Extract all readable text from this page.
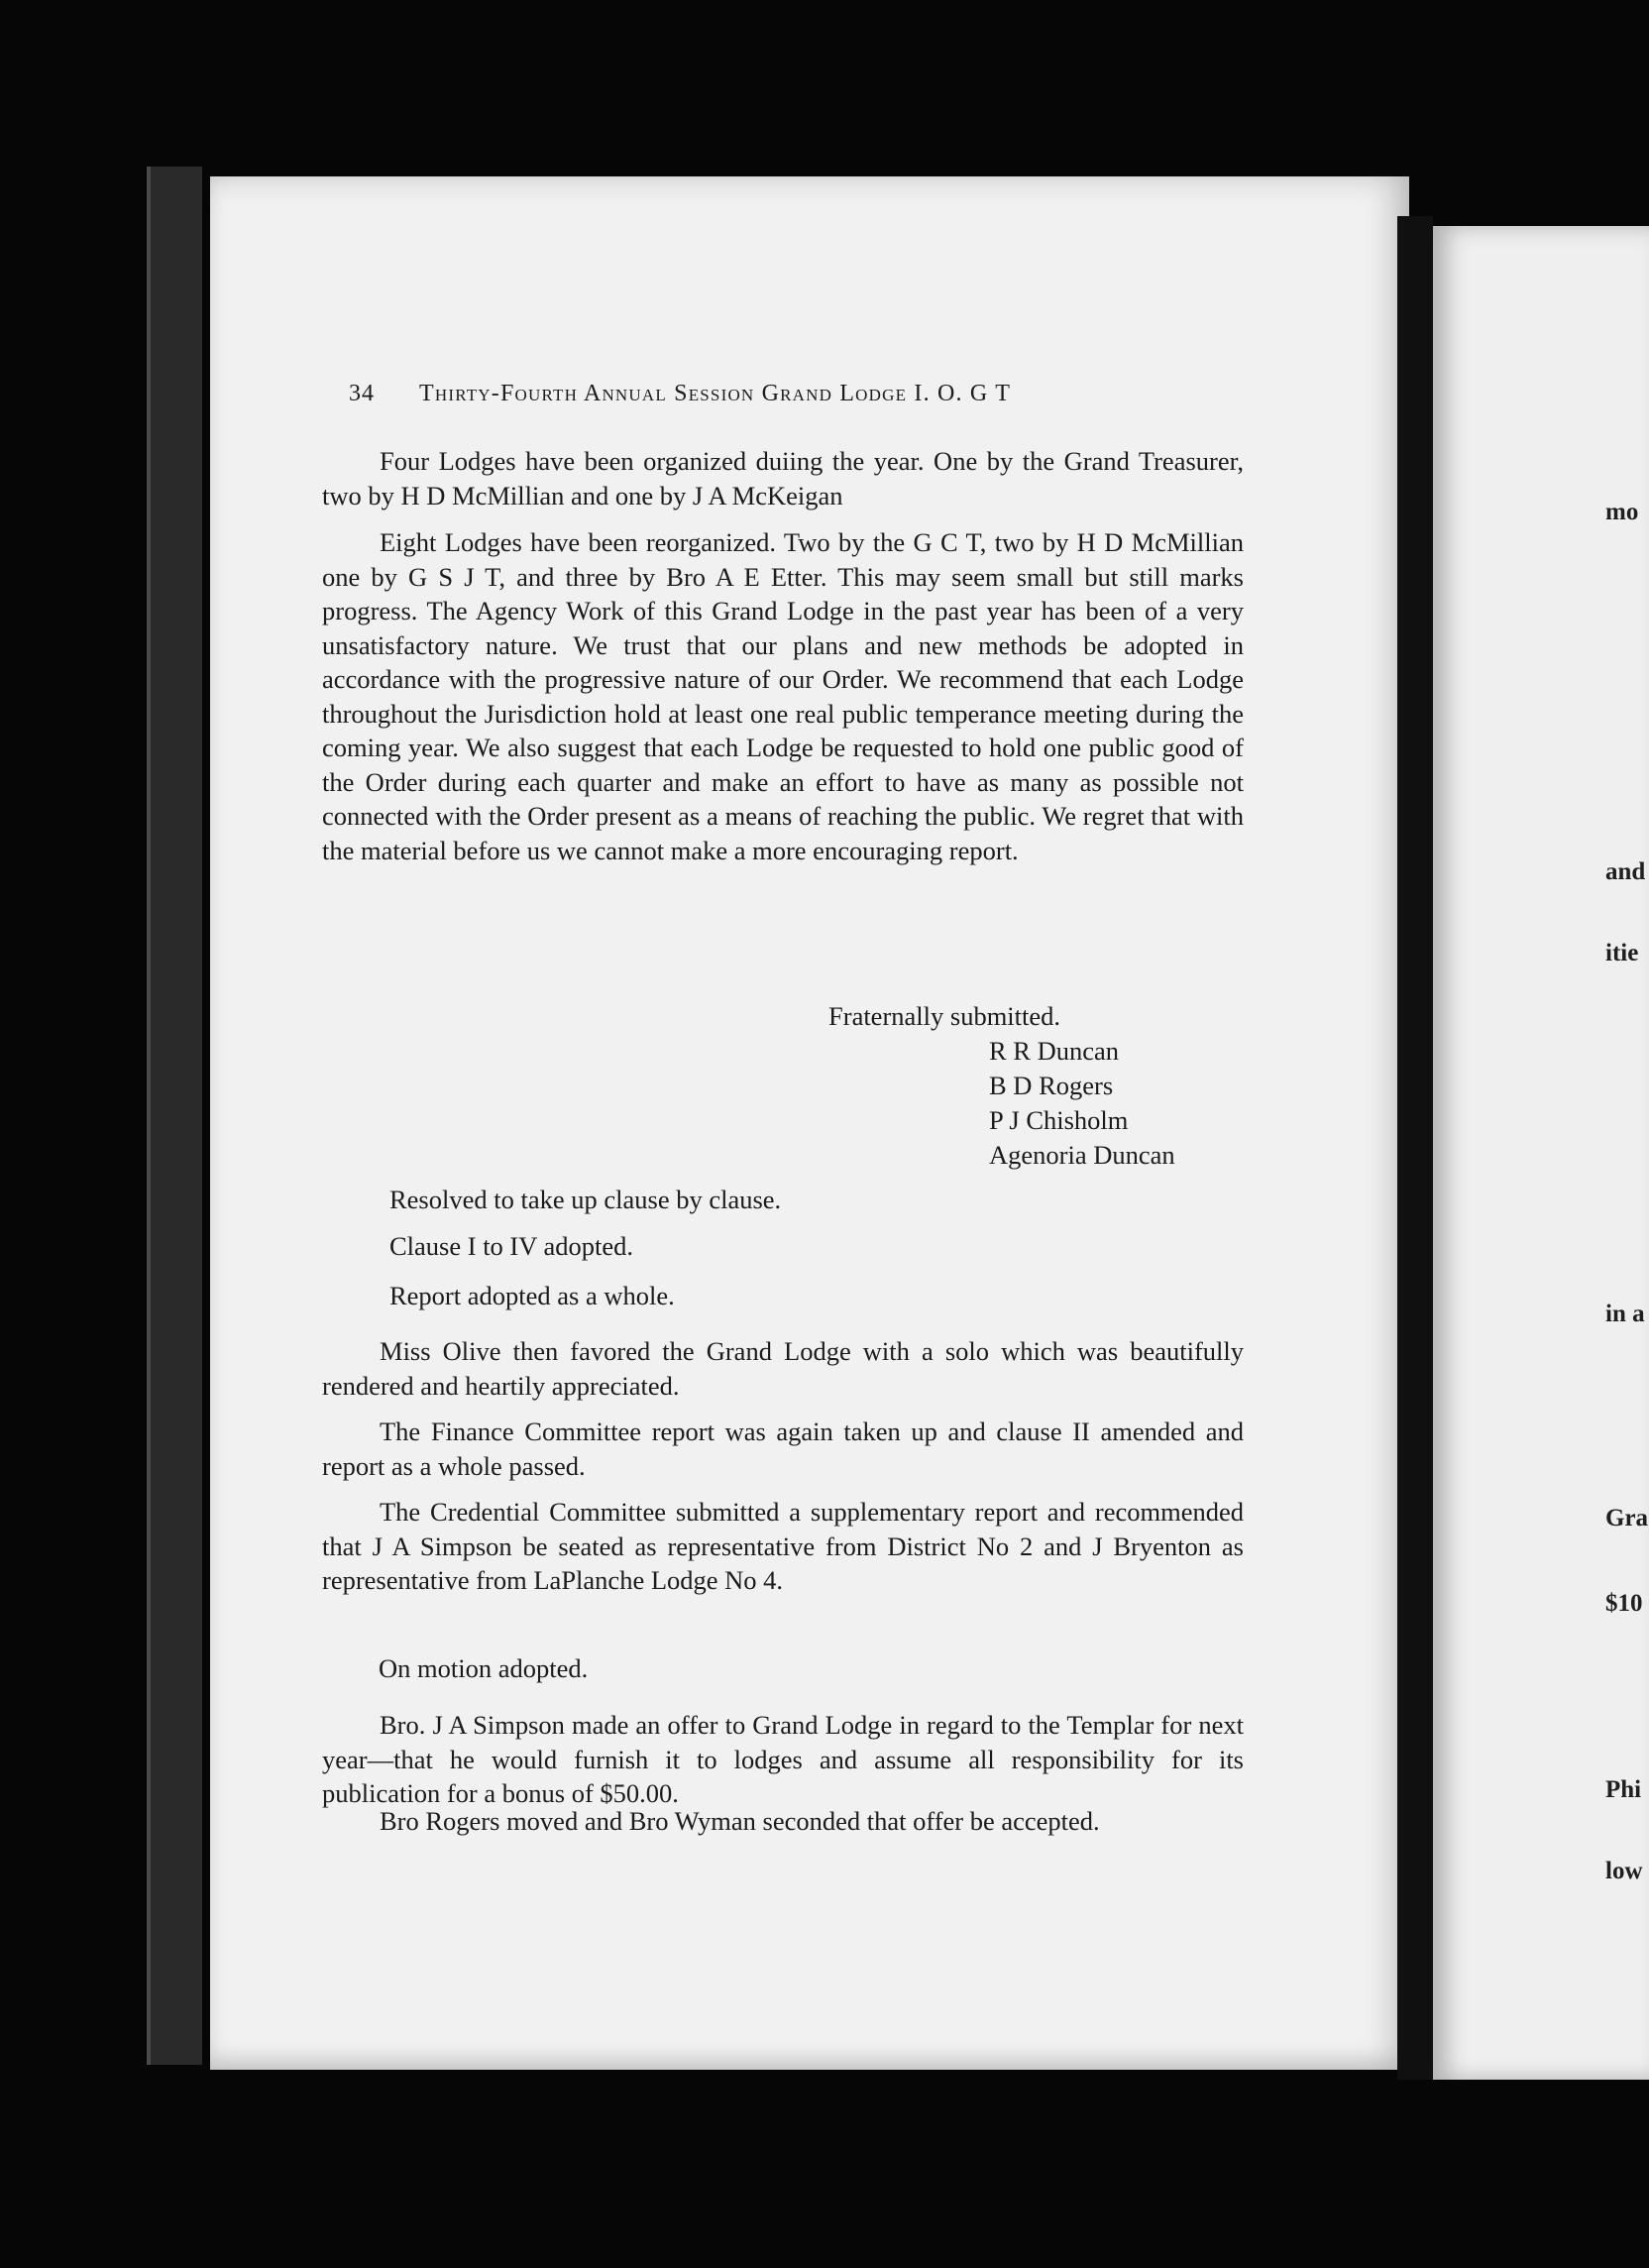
34 Thirty-Fourth Annual Session Grand Lodge I. O. G T

Four Lodges have been organized duiing the year. One by the Grand Treasurer, two by H D McMillian and one by J A McKeigan

Eight Lodges have been reorganized. Two by the G C T, two by H D McMillian one by G S J T, and three by Bro A E Etter. This may seem small but still marks progress. The Agency Work of this Grand Lodge in the past year has been of a very unsatisfactory nature. We trust that our plans and new methods be adopted in accordance with the progressive nature of our Order. We recommend that each Lodge throughout the Jurisdiction hold at least one real public temperance meeting during the coming year. We also suggest that each Lodge be requested to hold one public good of the Order during each quarter and make an effort to have as many as possible not connected with the Order present as a means of reaching the public. We regret that with the material before us we cannot make a more encouraging report.

Fraternally submitted.
R R Duncan
B D Rogers
P J Chisholm
Agenoria Duncan
Resolved to take up clause by clause.
Clause I to IV adopted.
Report adopted as a whole.

Miss Olive then favored the Grand Lodge with a solo which was beautifully rendered and heartily appreciated.

The Finance Committee report was again taken up and clause II amended and report as a whole passed.

The Credential Committee submitted a supplementary report and recommended that J A Simpson be seated as representative from District No 2 and J Bryenton as representative from LaPlanche Lodge No 4.

On motion adopted.

Bro. J A Simpson made an offer to Grand Lodge in regard to the Templar for next year—that he would furnish it to lodges and assume all responsibility for its publication for a bonus of $50.00.

Bro Rogers moved and Bro Wyman seconded that offer be accepted.

mo
and
itie
in a
Gra
$10
Phi
low
